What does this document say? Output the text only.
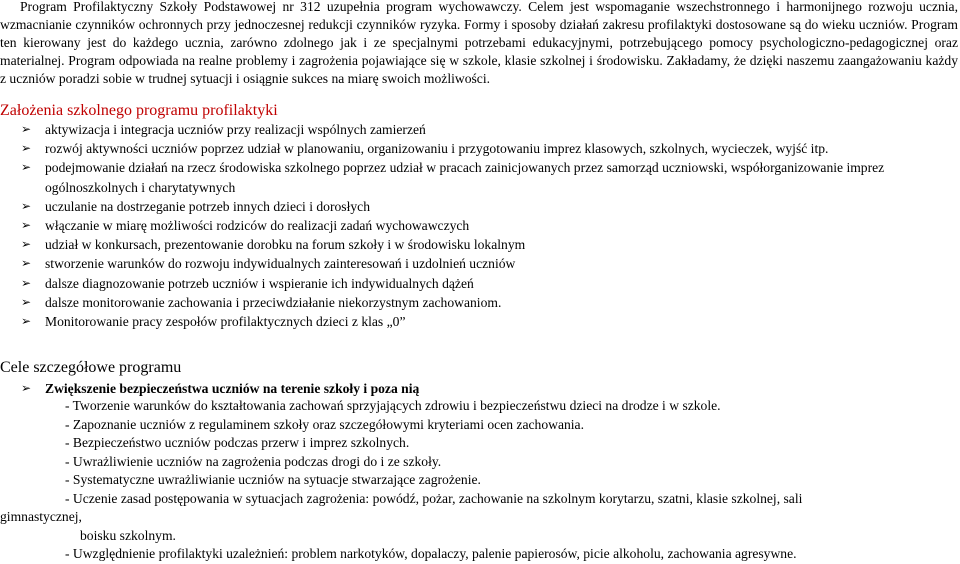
Program Profilaktyczny Szkoły Podstawowej nr 312 uzupełnia program wychowawczy. Celem jest wspomaganie wszechstronnego i harmonijnego rozwoju ucznia, wzmacnianie czynników ochronnych przy jednoczesnej redukcji czynników ryzyka. Formy i sposoby działań zakresu profilaktyki dostosowane są do wieku uczniów. Program ten kierowany jest do każdego ucznia, zarówno zdolnego jak i ze specjalnymi potrzebami edukacyjnymi, potrzebującego pomocy psychologiczno-pedagogicznej oraz materialnej. Program odpowiada na realne problemy i zagrożenia pojawiające się w szkole, klasie szkolnej i środowisku. Zakładamy, że dzięki naszemu zaangażowaniu każdy z uczniów poradzi sobie w trudnej sytuacji i osiągnie sukces na miarę swoich możliwości.

Założenia szkolnego programu profilaktyki
➢ aktywizacja i integracja uczniów przy realizacji wspólnych zamierzeń
➢ rozwój aktywności uczniów poprzez udział w planowaniu, organizowaniu i przygotowaniu imprez klasowych, szkolnych, wycieczek, wyjść itp.
➢ podejmowanie działań na rzecz środowiska szkolnego poprzez udział w pracach zainicjowanych przez samorząd uczniowski, współorganizowanie imprez
ogólnoszkolnych i charytatywnych
➢ uczulanie na dostrzeganie potrzeb innych dzieci i dorosłych
➢ włączanie w miarę możliwości rodziców do realizacji zadań wychowawczych
➢ udział w konkursach, prezentowanie dorobku na forum szkoły i w środowisku lokalnym
➢ stworzenie warunków do rozwoju indywidualnych zainteresowań i uzdolnień uczniów
➢ dalsze diagnozowanie potrzeb uczniów i wspieranie ich indywidualnych dążeń
➢ dalsze monitorowanie zachowania i przeciwdziałanie niekorzystnym zachowaniom.
➢ Monitorowanie pracy zespołów profilaktycznych dzieci z klas „0”
Cele szczegółowe programu
➢ Zwiększenie bezpieczeństwa uczniów na terenie szkoły i poza nią
- Tworzenie warunków do kształtowania zachowań sprzyjających zdrowiu i bezpieczeństwu dzieci na drodze i w szkole.
- Zapoznanie uczniów z regulaminem szkoły oraz szczegółowymi kryteriami ocen zachowania.
- Bezpieczeństwo uczniów podczas przerw i imprez szkolnych.
- Uwrażliwienie uczniów na zagrożenia podczas drogi do i ze szkoły.
- Systematyczne uwrażliwianie uczniów na sytuacje stwarzające zagrożenie.
- Uczenie zasad postępowania w sytuacjach zagrożenia: powódź, pożar, zachowanie na szkolnym korytarzu, szatni, klasie szkolnej, sali
gimnastycznej,
boisku szkolnym.
- Uwzględnienie profilaktyki uzależnień: problem narkotyków, dopalaczy, palenie papierosów, picie alkoholu, zachowania agresywne.
